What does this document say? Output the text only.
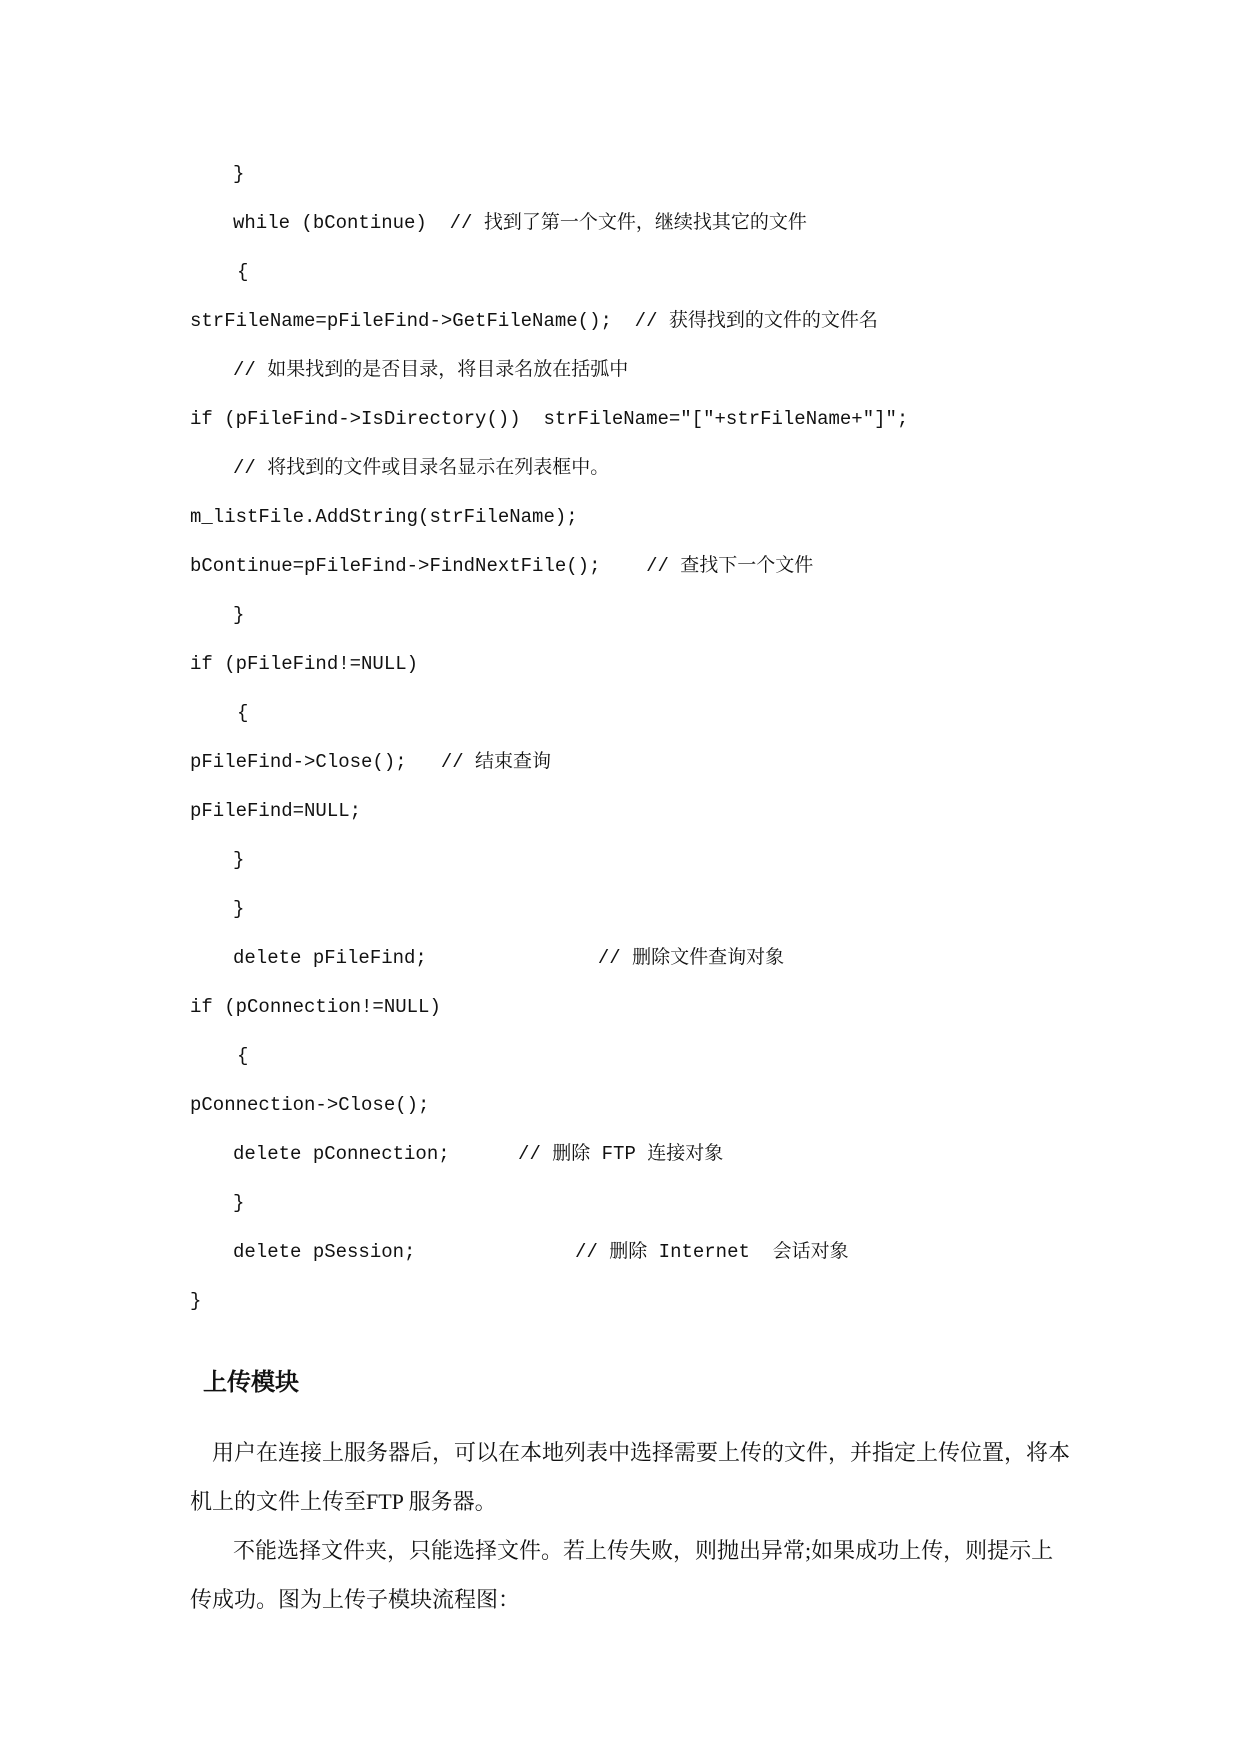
}
while (bContinue)  // 找到了第一个文件，继续找其它的文件
{
strFileName=pFileFind->GetFileName();  // 获得找到的文件的文件名
// 如果找到的是否目录，将目录名放在括弧中
if (pFileFind->IsDirectory())  strFileName="["+strFileName+"]";
// 将找到的文件或目录名显示在列表框中。
m_listFile.AddString(strFileName);
bContinue=pFileFind->FindNextFile();    // 查找下一个文件
}
if (pFileFind!=NULL)
{
pFileFind->Close();   // 结束查询
pFileFind=NULL;
}
}
delete pFileFind;               // 删除文件查询对象
if (pConnection!=NULL)
{
pConnection->Close();
delete pConnection;      // 删除 FTP 连接对象
}
delete pSession;              // 删除 Internet  会话对象
}
上传模块
用户在连接上服务器后，可以在本地列表中选择需要上传的文件，并指定上传位置，将本
机上的文件上传至FTP 服务器。
不能选择文件夹，只能选择文件。若上传失败，则抛出异常;如果成功上传，则提示上
传成功。图为上传子模块流程图：
